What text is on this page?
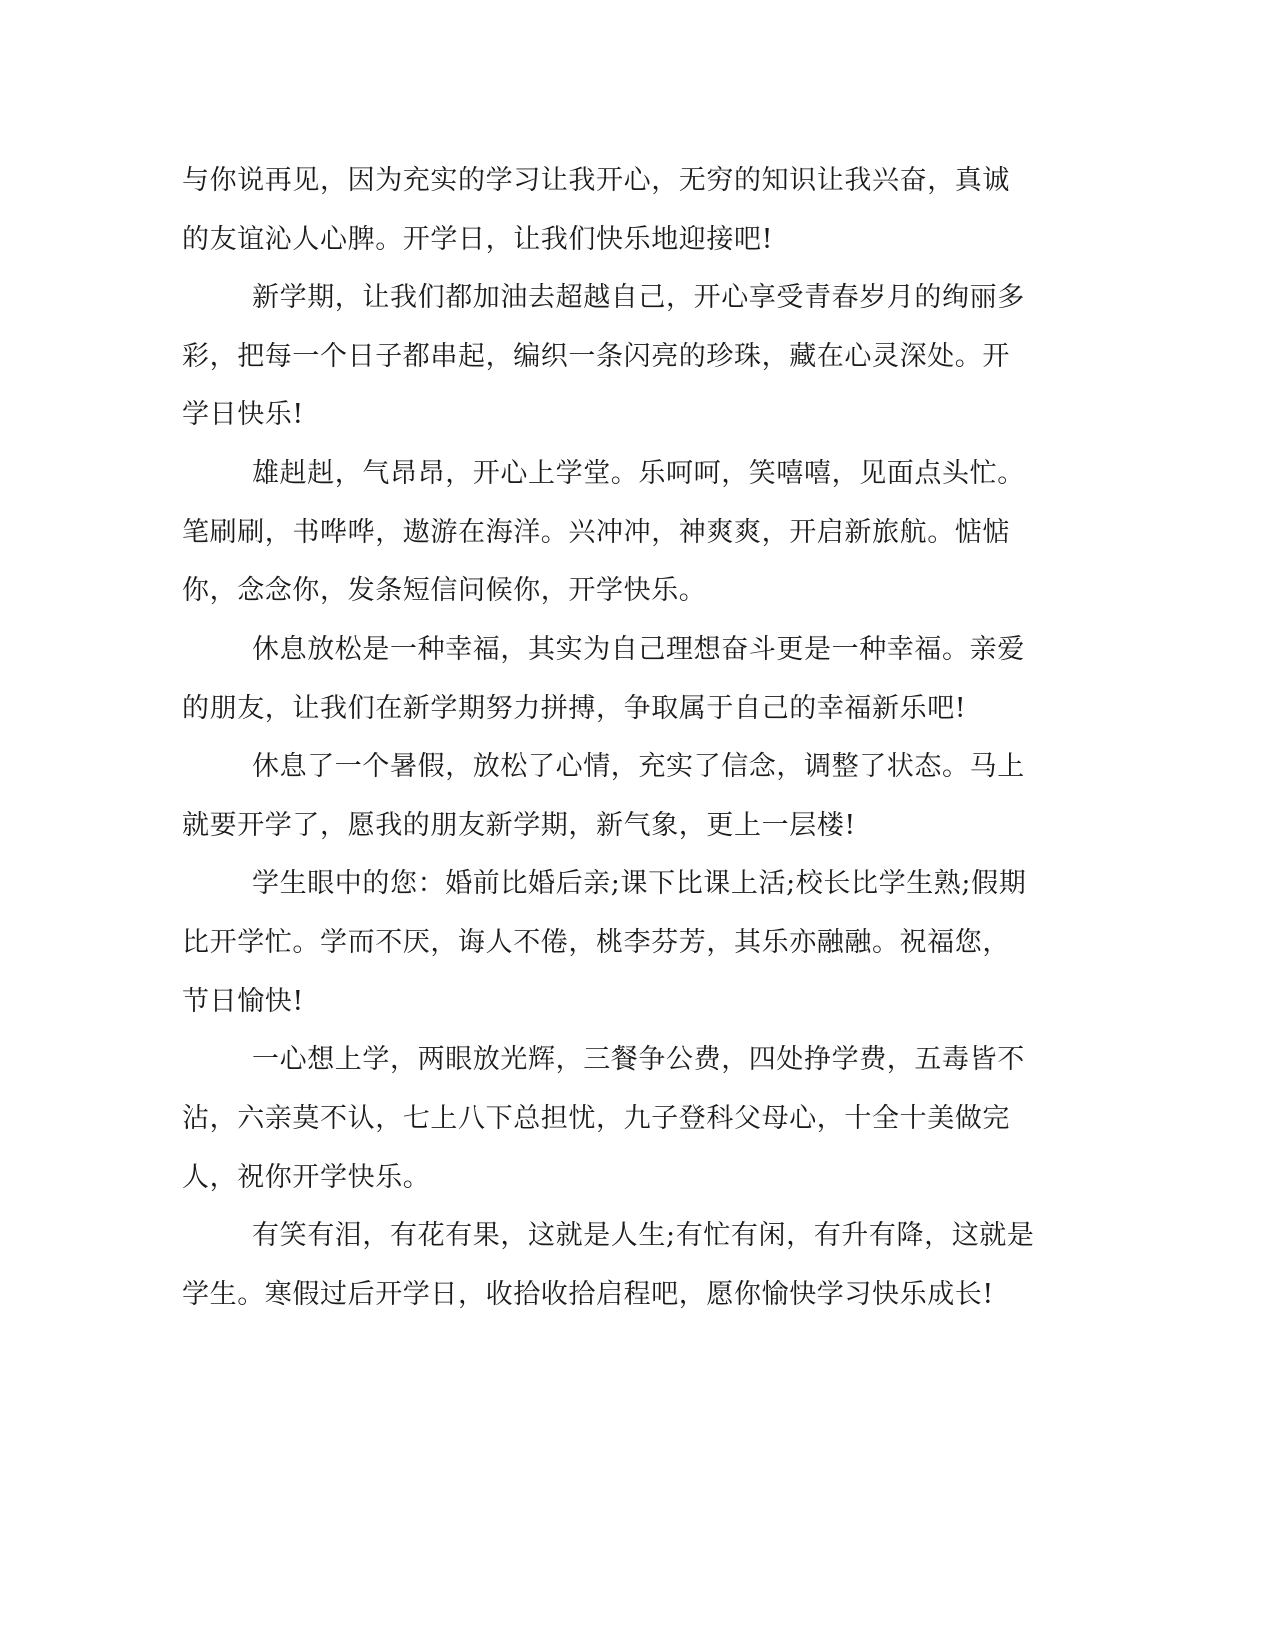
与你说再见，因为充实的学习让我开心，无穷的知识让我兴奋，真诚
的友谊沁人心脾。开学日，让我们快乐地迎接吧!
新学期，让我们都加油去超越自己，开心享受青春岁月的绚丽多
彩，把每一个日子都串起，编织一条闪亮的珍珠，藏在心灵深处。开
学日快乐!
雄赳赳，气昂昂，开心上学堂。乐呵呵，笑嘻嘻，见面点头忙。
笔刷刷，书哗哗，遨游在海洋。兴冲冲，神爽爽，开启新旅航。惦惦
你，念念你，发条短信问候你，开学快乐。
休息放松是一种幸福，其实为自己理想奋斗更是一种幸福。亲爱
的朋友，让我们在新学期努力拼搏，争取属于自己的幸福新乐吧!
休息了一个暑假，放松了心情，充实了信念，调整了状态。马上
就要开学了，愿我的朋友新学期，新气象，更上一层楼!
学生眼中的您：婚前比婚后亲;课下比课上活;校长比学生熟;假期
比开学忙。学而不厌，诲人不倦，桃李芬芳，其乐亦融融。祝福您，
节日愉快!
一心想上学，两眼放光辉，三餐争公费，四处挣学费，五毒皆不
沾，六亲莫不认，七上八下总担忧，九子登科父母心，十全十美做完
人，祝你开学快乐。
有笑有泪，有花有果，这就是人生;有忙有闲，有升有降，这就是
学生。寒假过后开学日，收拾收拾启程吧，愿你愉快学习快乐成长!
